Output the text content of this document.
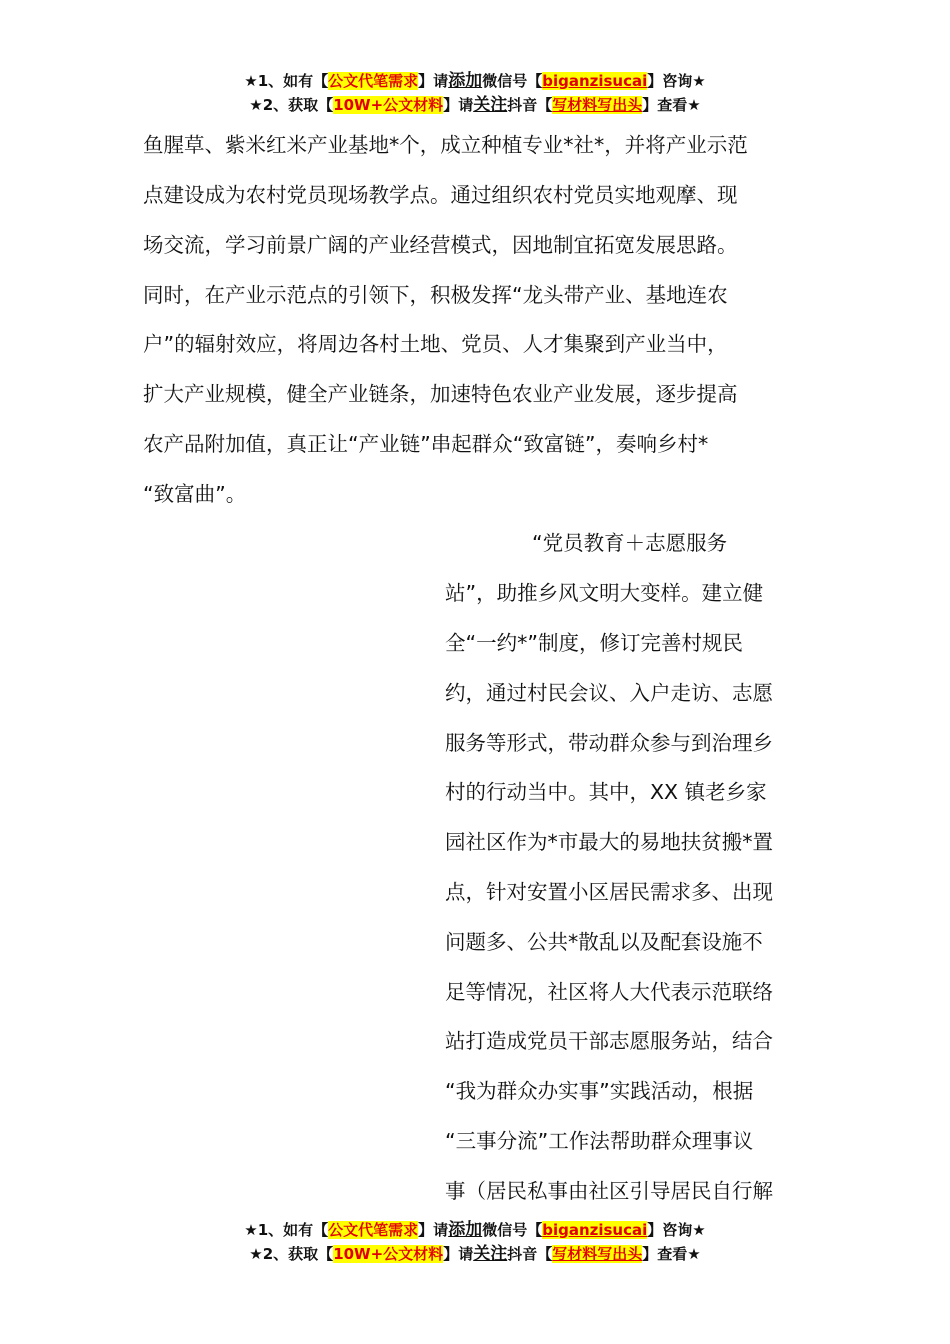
★1、如有【公文代笔需求】请添加微信号【biganzisucai】咨询★
★2、获取【10W+公文材料】请关注抖音【写材料写出头】查看★
鱼腥草、紫米红米产业基地*个，成立种植专业*社*，并将产业示范
点建设成为农村党员现场教学点。通过组织农村党员实地观摩、现
场交流，学习前景广阔的产业经营模式，因地制宜拓宽发展思路。
同时，在产业示范点的引领下，积极发挥“龙头带产业、基地连农
户”的辐射效应，将周边各村土地、党员、人才集聚到产业当中，
扩大产业规模，健全产业链条，加速特色农业产业发展，逐步提高
农产品附加值，真正让“产业链”串起群众“致富链”，奏响乡村*
“致富曲”。
“党员教育＋志愿服务
站”，助推乡风文明大变样。建立健
全“一约*”制度，修订完善村规民
约，通过村民会议、入户走访、志愿
服务等形式，带动群众参与到治理乡
村的行动当中。其中，XX 镇老乡家
园社区作为*市最大的易地扶贫搬*置
点，针对安置小区居民需求多、出现
问题多、公共*散乱以及配套设施不
足等情况，社区将人大代表示范联络
站打造成党员干部志愿服务站，结合
“我为群众办实事”实践活动，根据
“三事分流”工作法帮助群众理事议
事（居民私事由社区引导居民自行解
★1、如有【公文代笔需求】请添加微信号【biganzisucai】咨询★
★2、获取【10W+公文材料】请关注抖音【写材料写出头】查看★
